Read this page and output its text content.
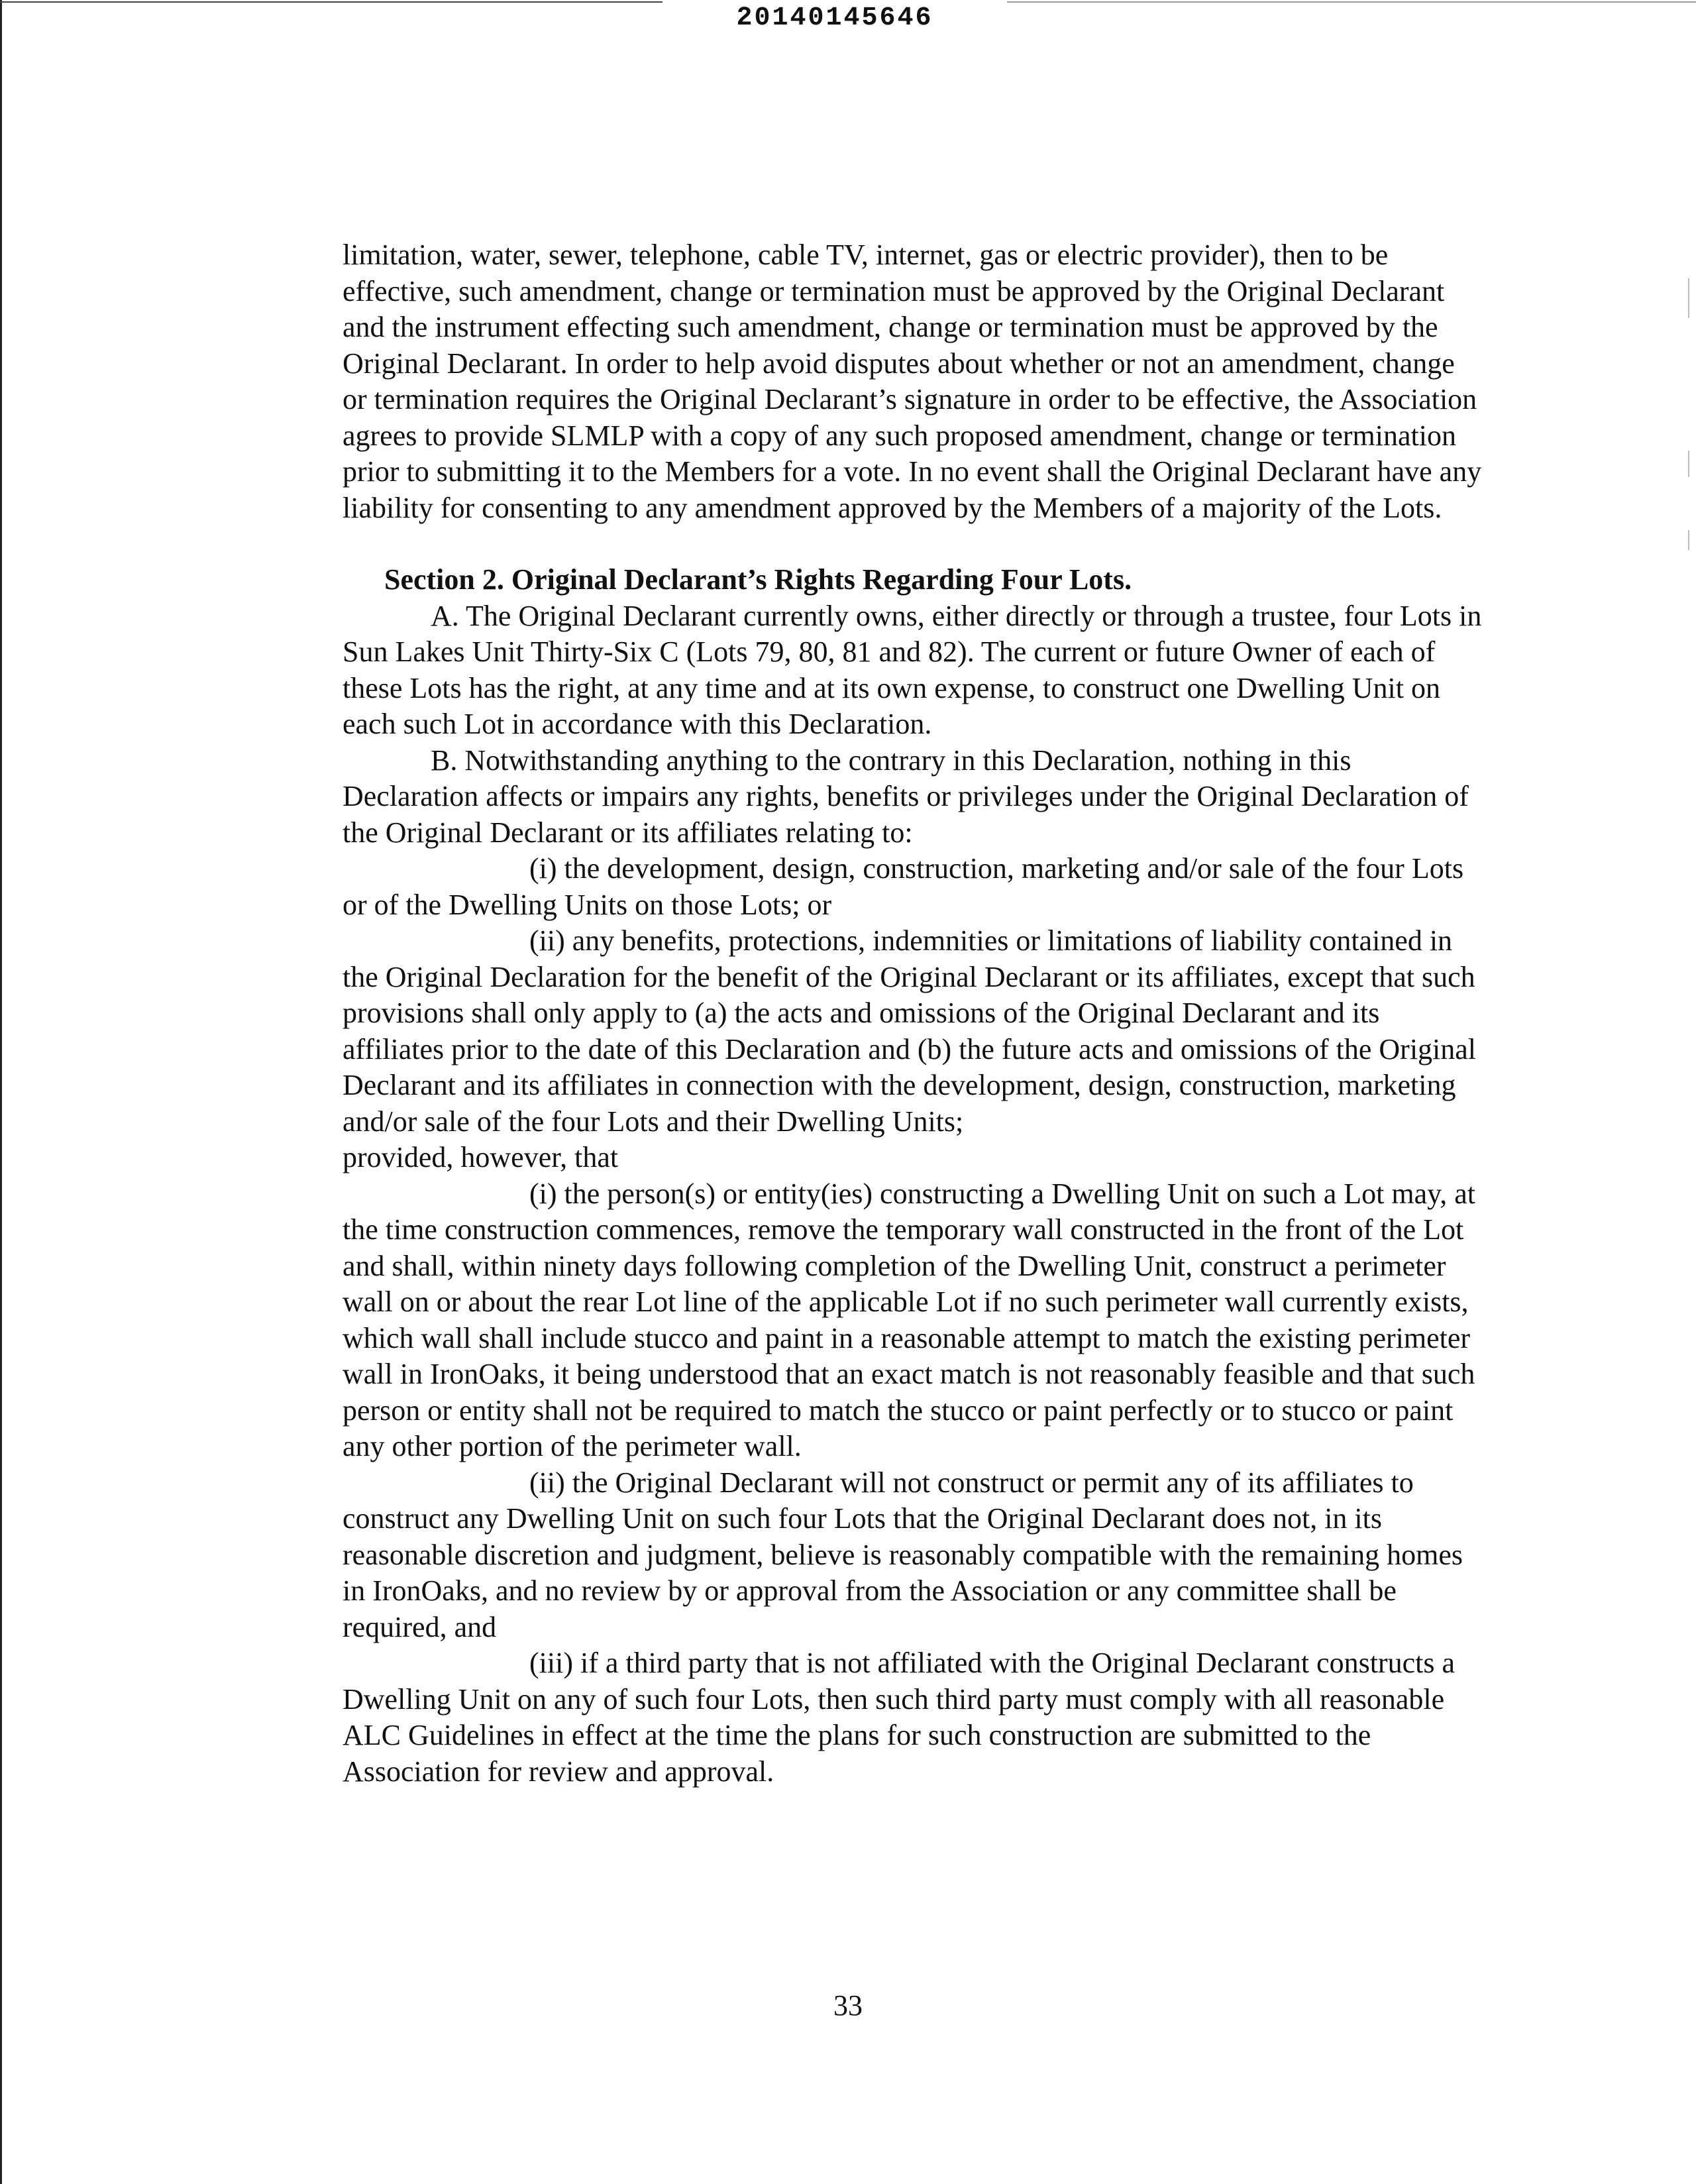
20140145646

limitation, water, sewer, telephone, cable TV, internet, gas or electric provider), then to be effective, such amendment, change or termination must be approved by the Original Declarant and the instrument effecting such amendment, change or termination must be approved by the Original Declarant. In order to help avoid disputes about whether or not an amendment, change or termination requires the Original Declarant’s signature in order to be effective, the Association agrees to provide SLMLP with a copy of any such proposed amendment, change or termination prior to submitting it to the Members for a vote. In no event shall the Original Declarant have any liability for consenting to any amendment approved by the Members of a majority of the Lots.

Section 2. Original Declarant’s Rights Regarding Four Lots.

A. The Original Declarant currently owns, either directly or through a trustee, four Lots in Sun Lakes Unit Thirty-Six C (Lots 79, 80, 81 and 82). The current or future Owner of each of these Lots has the right, at any time and at its own expense, to construct one Dwelling Unit on each such Lot in accordance with this Declaration.

B. Notwithstanding anything to the contrary in this Declaration, nothing in this Declaration affects or impairs any rights, benefits or privileges under the Original Declaration of the Original Declarant or its affiliates relating to:

(i) the development, design, construction, marketing and/or sale of the four Lots or of the Dwelling Units on those Lots; or

(ii) any benefits, protections, indemnities or limitations of liability contained in the Original Declaration for the benefit of the Original Declarant or its affiliates, except that such provisions shall only apply to (a) the acts and omissions of the Original Declarant and its affiliates prior to the date of this Declaration and (b) the future acts and omissions of the Original Declarant and its affiliates in connection with the development, design, construction, marketing and/or sale of the four Lots and their Dwelling Units;

provided, however, that

(i) the person(s) or entity(ies) constructing a Dwelling Unit on such a Lot may, at the time construction commences, remove the temporary wall constructed in the front of the Lot and shall, within ninety days following completion of the Dwelling Unit, construct a perimeter wall on or about the rear Lot line of the applicable Lot if no such perimeter wall currently exists, which wall shall include stucco and paint in a reasonable attempt to match the existing perimeter wall in IronOaks, it being understood that an exact match is not reasonably feasible and that such person or entity shall not be required to match the stucco or paint perfectly or to stucco or paint any other portion of the perimeter wall.

(ii) the Original Declarant will not construct or permit any of its affiliates to construct any Dwelling Unit on such four Lots that the Original Declarant does not, in its reasonable discretion and judgment, believe is reasonably compatible with the remaining homes in IronOaks, and no review by or approval from the Association or any committee shall be required, and

(iii) if a third party that is not affiliated with the Original Declarant constructs a Dwelling Unit on any of such four Lots, then such third party must comply with all reasonable ALC Guidelines in effect at the time the plans for such construction are submitted to the Association for review and approval.

33
